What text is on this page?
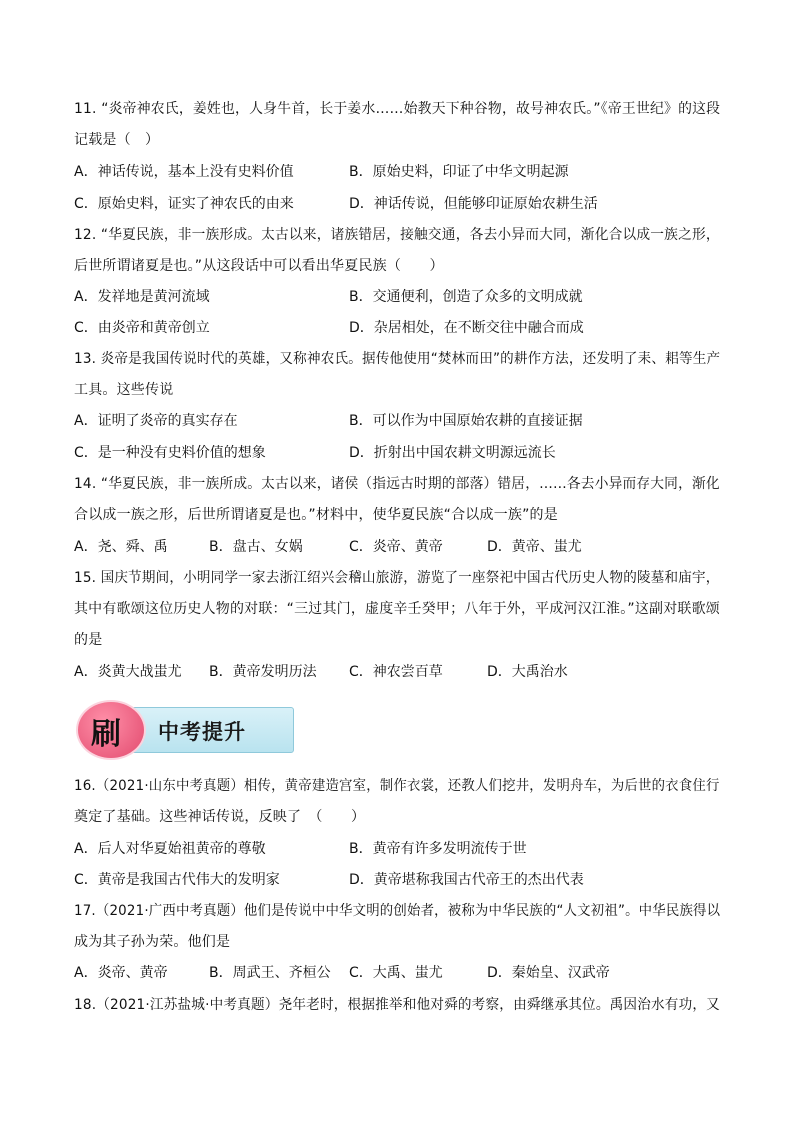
11. “炎帝神农氏，姜姓也，人身牛首，长于姜水……始教天下种谷物，故号神农氏。”《帝王世纪》的这段
记载是（　）
A．神话传说，基本上没有史料价值	B．原始史料，印证了中华文明起源
C．原始史料，证实了神农氏的由来	D．神话传说，但能够印证原始农耕生活
12. “华夏民族，非一族形成。太古以来，诸族错居，接触交通，各去小异而大同，渐化合以成一族之形，
后世所谓诸夏是也。”从这段话中可以看出华夏民族（　　）
A．发祥地是黄河流域	B．交通便利，创造了众多的文明成就
C．由炎帝和黄帝创立	D．杂居相处，在不断交往中融合而成
13. 炎帝是我国传说时代的英雄，又称神农氏。据传他使用“焚林而田”的耕作方法，还发明了耒、耜等生产
工具。这些传说
A．证明了炎帝的真实存在	B．可以作为中国原始农耕的直接证据
C．是一种没有史料价值的想象	D．折射出中国农耕文明源远流长
14. “华夏民族，非一族所成。太古以来，诸侯（指远古时期的部落）错居，……各去小异而存大同，渐化
合以成一族之形，后世所谓诸夏是也。”材料中，使华夏民族“合以成一族”的是
A．尧、舜、禹	B．盘古、女娲	C．炎帝、黄帝	D．黄帝、蚩尤
15. 国庆节期间，小明同学一家去浙江绍兴会稽山旅游，游览了一座祭祀中国古代历史人物的陵墓和庙宇，
其中有歌颂这位历史人物的对联：“三过其门，虚度辛壬癸甲；八年于外，平成河汉江淮。”这副对联歌颂
的是
A．炎黄大战蚩尤 B．黄帝发明历法 C．神农尝百草	D．大禹治水
中考提升
刷
16.（2021·山东中考真题）相传，黄帝建造宫室，制作衣裳，还教人们挖井，发明舟车，为后世的衣食住行
奠定了基础。这些神话传说，反映了　（　　）
A．后人对华夏始祖黄帝的尊敬	B．黄帝有许多发明流传于世
C．黄帝是我国古代伟大的发明家	D．黄帝堪称我国古代帝王的杰出代表
17.（2021·广西中考真题）他们是传说中中华文明的创始者，被称为中华民族的“人文初祖”。中华民族得以
成为其子孙为荣。他们是
A．炎帝、黄帝	B．周武王、齐桓公 C．大禹、蚩尤	D．秦始皇、汉武帝
18.（2021·江苏盐城·中考真题）尧年老时，根据推举和他对舜的考察，由舜继承其位。禹因治水有功，又
